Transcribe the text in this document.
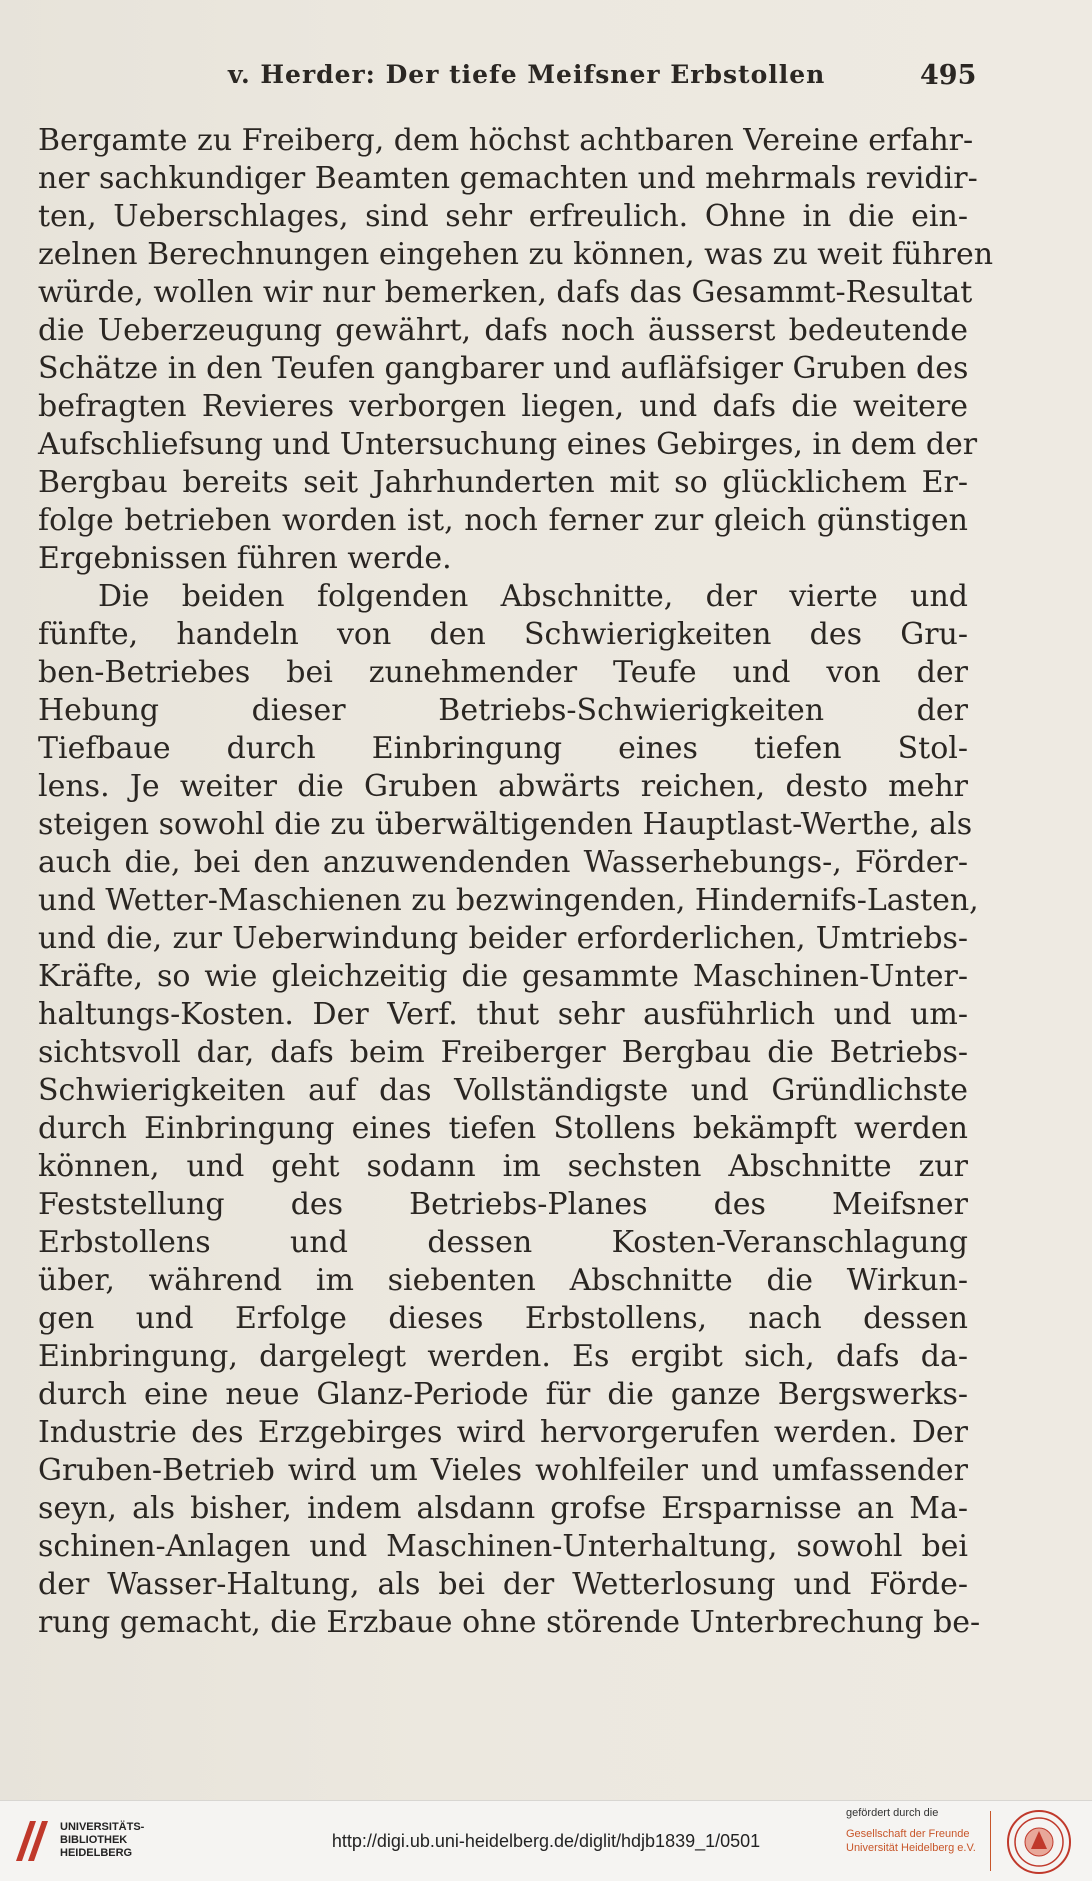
v. Herder: Der tiefe Meifsner Erbstollen	495
Bergamte zu Freiberg, dem höchst achtbaren Vereine erfahr-
ner sachkundiger Beamten gemachten und mehrmals revidir-
ten, Ueberschlages, sind sehr erfreulich. Ohne in die ein-
zelnen Berechnungen eingehen zu können, was zu weit führen
würde, wollen wir nur bemerken, dafs das Gesammt-Resultat
die Ueberzeugung gewährt, dafs noch äusserst bedeutende
Schätze in den Teufen gangbarer und aufläfsiger Gruben des
befragten Revieres verborgen liegen, und dafs die weitere
Aufschliefsung und Untersuchung eines Gebirges, in dem der
Bergbau bereits seit Jahrhunderten mit so glücklichem Er-
folge betrieben worden ist, noch ferner zur gleich günstigen
Ergebnissen führen werde.
Die beiden folgenden Abschnitte, der vierte und
fünfte, handeln von den Schwierigkeiten des Gru-
ben-Betriebes bei zunehmender Teufe und von der
Hebung dieser Betriebs-Schwierigkeiten der
Tiefbaue durch Einbringung eines tiefen Stol-
lens. Je weiter die Gruben abwärts reichen, desto mehr
steigen sowohl die zu überwältigenden Hauptlast-Werthe, als
auch die, bei den anzuwendenden Wasserhebungs-, Förder-
und Wetter-Maschienen zu bezwingenden, Hindernifs-Lasten,
und die, zur Ueberwindung beider erforderlichen, Umtriebs-
Kräfte, so wie gleichzeitig die gesammte Maschinen-Unter-
haltungs-Kosten. Der Verf. thut sehr ausführlich und um-
sichtsvoll dar, dafs beim Freiberger Bergbau die Betriebs-
Schwierigkeiten auf das Vollständigste und Gründlichste
durch Einbringung eines tiefen Stollens bekämpft werden
können, und geht sodann im sechsten Abschnitte zur
Feststellung des Betriebs-Planes des Meifsner
Erbstollens und dessen Kosten-Veranschlagung
über, während im siebenten Abschnitte die Wirkun-
gen und Erfolge dieses Erbstollens, nach dessen
Einbringung, dargelegt werden. Es ergibt sich, dafs da-
durch eine neue Glanz-Periode für die ganze Bergswerks-
Industrie des Erzgebirges wird hervorgerufen werden. Der
Gruben-Betrieb wird um Vieles wohlfeiler und umfassender
seyn, als bisher, indem alsdann grofse Ersparnisse an Ma-
schinen-Anlagen und Maschinen-Unterhaltung, sowohl bei
der Wasser-Haltung, als bei der Wetterlosung und Förde-
rung gemacht, die Erzbaue ohne störende Unterbrechung be-
UNIVERSITÄTS-
BIBLIOTHEK
HEIDELBERG
http://digi.ub.uni-heidelberg.de/diglit/hdjb1839_1/0501
gefördert durch die
Gesellschaft der Freunde
Universität Heidelberg e.V.
